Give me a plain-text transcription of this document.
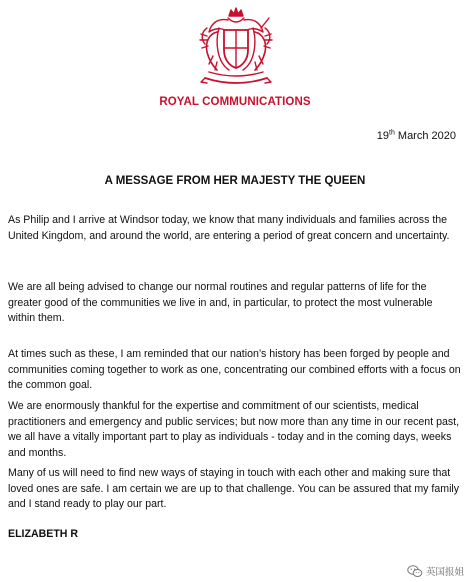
ROYAL COMMUNICATIONS
19th March 2020
A MESSAGE FROM HER MAJESTY THE QUEEN

As Philip and I arrive at Windsor today, we know that many individuals and families across the United Kingdom, and around the world, are entering a period of great concern and uncertainty.

We are all being advised to change our normal routines and regular patterns of life for the greater good of the communities we live in and, in particular, to protect the most vulnerable within them.

At times such as these, I am reminded that our nation’s history has been forged by people and communities coming together to work as one, concentrating our combined efforts with a focus on the common goal.

We are enormously thankful for the expertise and commitment of our scientists, medical practitioners and emergency and public services; but now more than any time in our recent past, we all have a vitally important part to play as individuals - today and in the coming days, weeks and months.

Many of us will need to find new ways of staying in touch with each other and making sure that loved ones are safe. I am certain we are up to that challenge. You can be assured that my family and I stand ready to play our part.

ELIZABETH R
英国报姐
